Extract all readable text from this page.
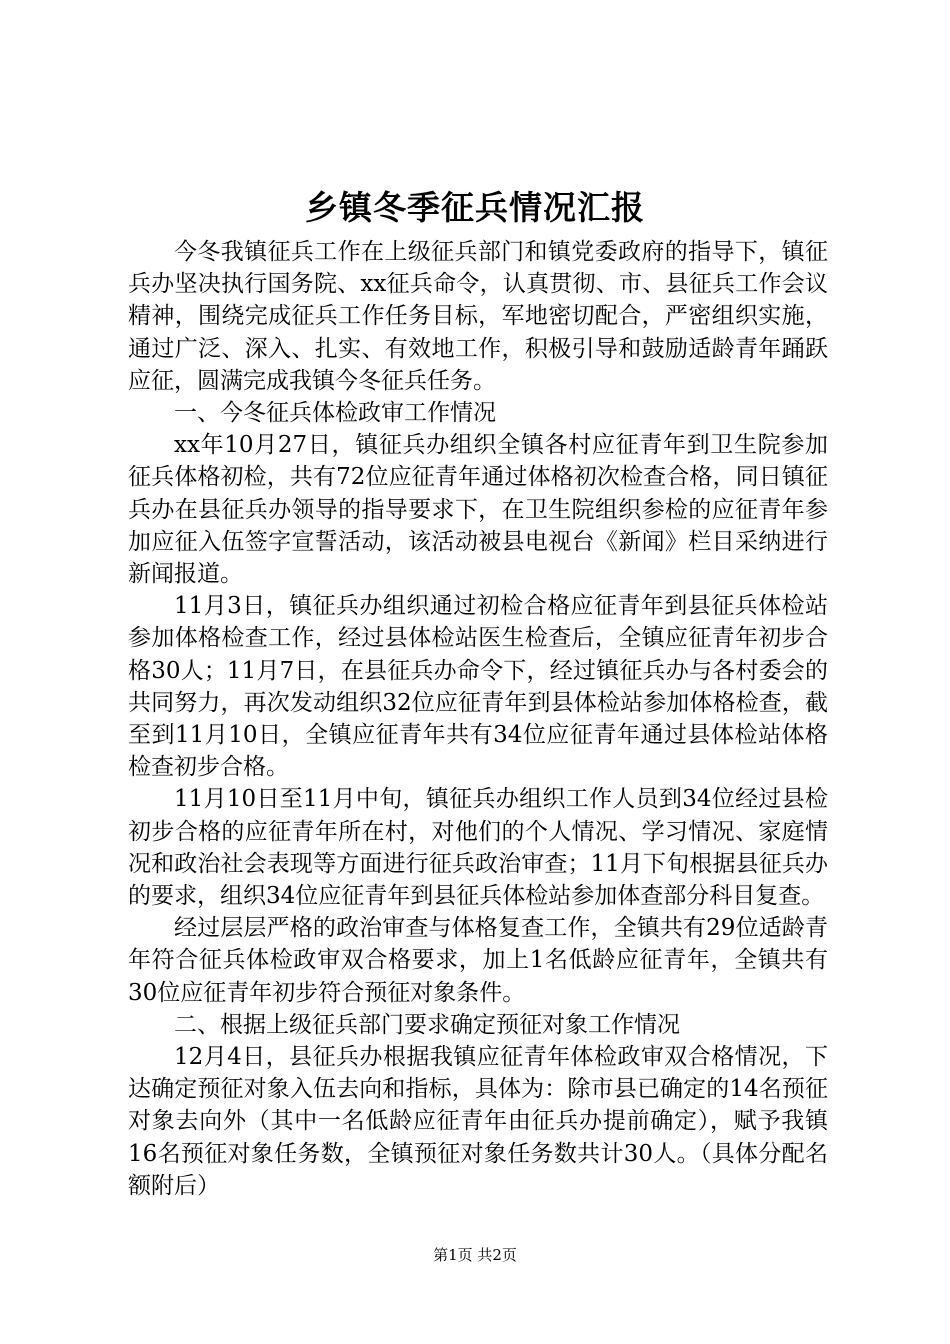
乡镇冬季征兵情况汇报

今冬我镇征兵工作在上级征兵部门和镇党委政府的指导下，镇征兵办坚决执行国务院、xx征兵命令，认真贯彻、市、县征兵工作会议精神，围绕完成征兵工作任务目标，军地密切配合，严密组织实施，通过广泛、深入、扎实、有效地工作，积极引导和鼓励适龄青年踊跃应征，圆满完成我镇今冬征兵任务。

一、今冬征兵体检政审工作情况

xx年10月27日，镇征兵办组织全镇各村应征青年到卫生院参加征兵体格初检，共有72位应征青年通过体格初次检查合格，同日镇征兵办在县征兵办领导的指导要求下，在卫生院组织参检的应征青年参加应征入伍签字宣誓活动，该活动被县电视台《新闻》栏目采纳进行新闻报道。

11月3日，镇征兵办组织通过初检合格应征青年到县征兵体检站参加体格检查工作，经过县体检站医生检查后，全镇应征青年初步合格30人；11月7日，在县征兵办命令下，经过镇征兵办与各村委会的共同努力，再次发动组织32位应征青年到县体检站参加体格检查，截至到11月10日，全镇应征青年共有34位应征青年通过县体检站体格检查初步合格。

11月10日至11月中旬，镇征兵办组织工作人员到34位经过县检初步合格的应征青年所在村，对他们的个人情况、学习情况、家庭情况和政治社会表现等方面进行征兵政治审查；11月下旬根据县征兵办的要求，组织34位应征青年到县征兵体检站参加体查部分科目复查。

经过层层严格的政治审查与体格复查工作，全镇共有29位适龄青年符合征兵体检政审双合格要求，加上1名低龄应征青年，全镇共有30位应征青年初步符合预征对象条件。

二、根据上级征兵部门要求确定预征对象工作情况

12月4日，县征兵办根据我镇应征青年体检政审双合格情况，下达确定预征对象入伍去向和指标，具体为：除市县已确定的14名预征对象去向外（其中一名低龄应征青年由征兵办提前确定），赋予我镇16名预征对象任务数，全镇预征对象任务数共计30人。（具体分配名额附后）

第1页 共2页
